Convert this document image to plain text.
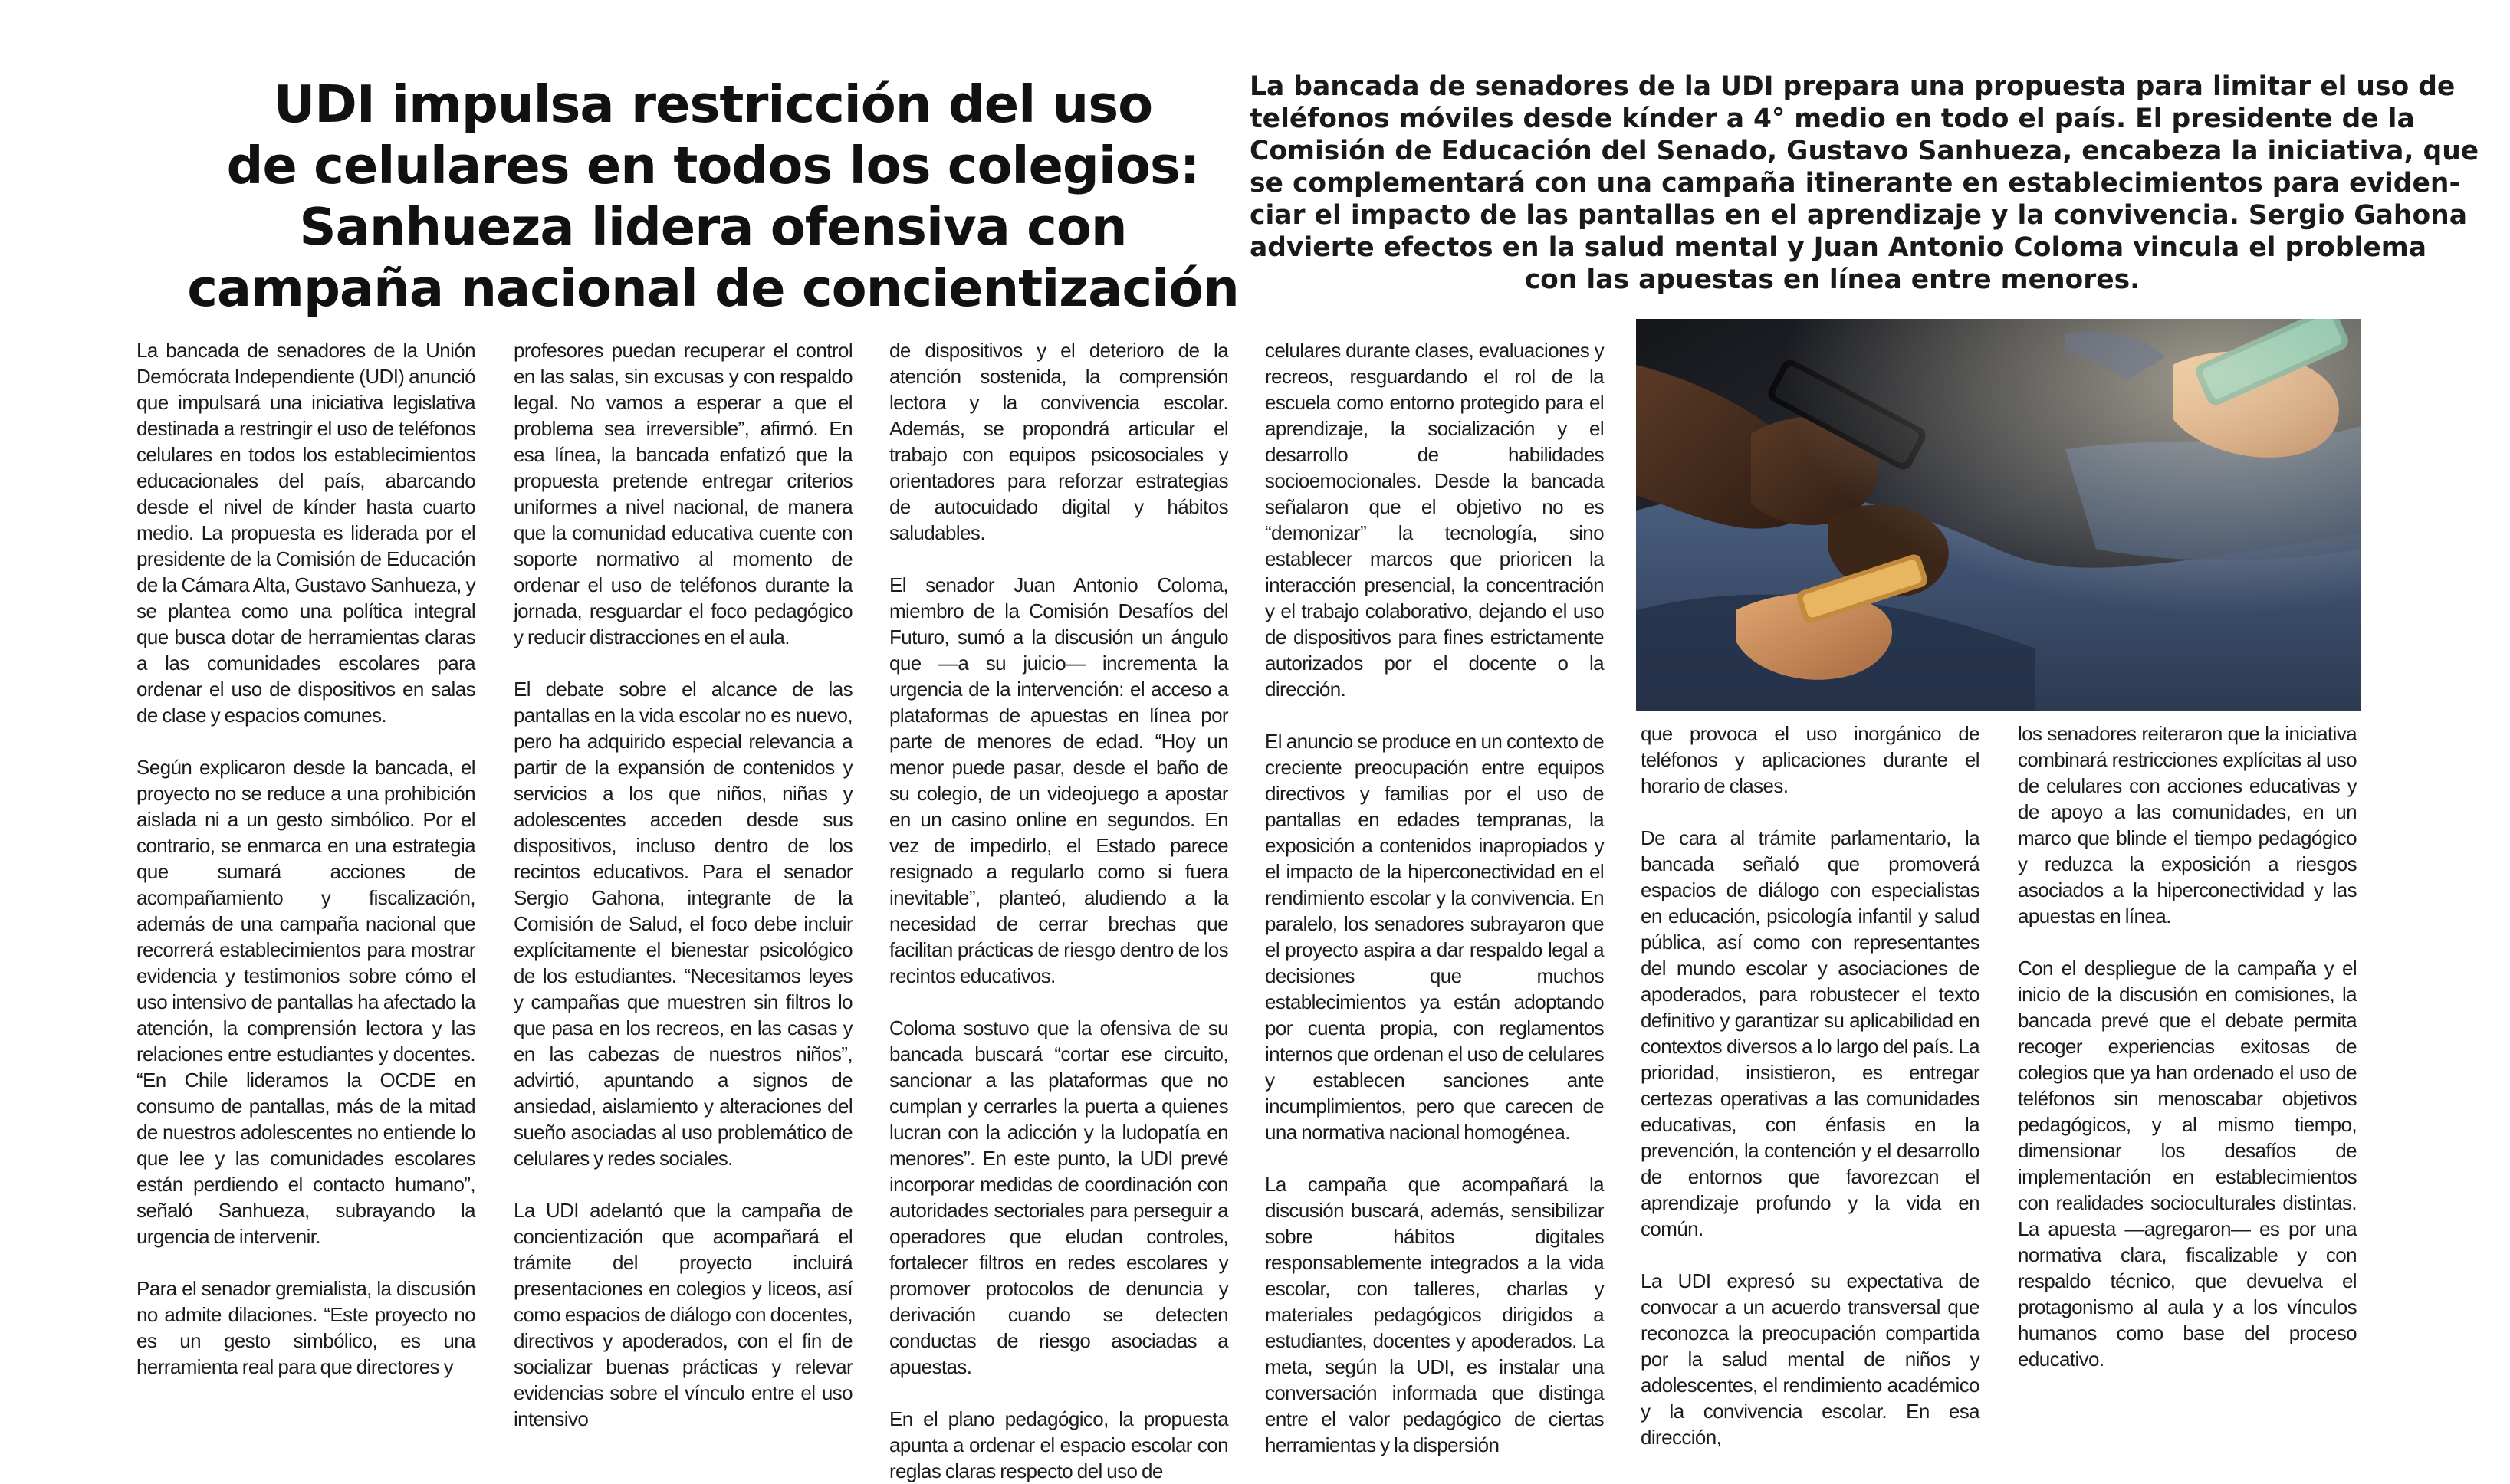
UDI impulsa restricción del uso
de celulares en todos los colegios:
Sanhueza lidera ofensiva con
campaña nacional de concientización
La bancada de senadores de la UDI prepara una propuesta para limitar el uso de
teléfonos móviles desde kínder a 4° medio en todo el país. El presidente de la
Comisión de Educación del Senado, Gustavo Sanhueza, encabeza la iniciativa, que
se complementará con una campaña itinerante en establecimientos para eviden-
ciar el impacto de las pantallas en el aprendizaje y la convivencia. Sergio Gahona
advierte efectos en la salud mental y Juan Antonio Coloma vincula el problema
con las apuestas en línea entre menores.

La bancada de senadores de la Unión Demócrata Independiente (UDI) anunció que impulsará una iniciativa legislativa destinada a restringir el uso de teléfonos celulares en todos los establecimientos educacionales del país, abarcando desde el nivel de kínder hasta cuarto medio. La propuesta es liderada por el presidente de la Comisión de Educación de la Cámara Alta, Gustavo Sanhueza, y se plantea como una política integral que busca dotar de herramientas claras a las comunidades escolares para ordenar el uso de dispositivos en salas de clase y espacios comunes.

Según explicaron desde la bancada, el proyecto no se reduce a una prohibición aislada ni a un gesto simbólico. Por el contrario, se enmarca en una estrategia que sumará acciones de acompañamiento y fiscalización, además de una campaña nacional que recorrerá establecimientos para mostrar evidencia y testimonios sobre cómo el uso intensivo de pantallas ha afectado la atención, la comprensión lectora y las relaciones entre estudiantes y docentes. “En Chile lideramos la OCDE en consumo de pantallas, más de la mitad de nuestros adolescentes no entiende lo que lee y las comunidades escolares están perdiendo el contacto humano”, señaló Sanhueza, subrayando la urgencia de intervenir.

Para el senador gremialista, la discusión no admite dilaciones. “Este proyecto no es un gesto simbólico, es una herramienta real para que directores y

profesores puedan recuperar el control en las salas, sin excusas y con respaldo legal. No vamos a esperar a que el problema sea irreversible”, afirmó. En esa línea, la bancada enfatizó que la propuesta pretende entregar criterios uniformes a nivel nacional, de manera que la comunidad educativa cuente con soporte normativo al momento de ordenar el uso de teléfonos durante la jornada, resguardar el foco pedagógico y reducir distracciones en el aula.

El debate sobre el alcance de las pantallas en la vida escolar no es nuevo, pero ha adquirido especial relevancia a partir de la expansión de contenidos y servicios a los que niños, niñas y adolescentes acceden desde sus dispositivos, incluso dentro de los recintos educativos. Para el senador Sergio Gahona, integrante de la Comisión de Salud, el foco debe incluir explícitamente el bienestar psicológico de los estudiantes. “Necesitamos leyes y campañas que muestren sin filtros lo que pasa en los recreos, en las casas y en las cabezas de nuestros niños”, advirtió, apuntando a signos de ansiedad, aislamiento y alteraciones del sueño asociadas al uso problemático de celulares y redes sociales.

La UDI adelantó que la campaña de concientización que acompañará el trámite del proyecto incluirá presentaciones en colegios y liceos, así como espacios de diálogo con docentes, directivos y apoderados, con el fin de socializar buenas prácticas y relevar evidencias sobre el vínculo entre el uso intensivo

de dispositivos y el deterioro de la atención sostenida, la comprensión lectora y la convivencia escolar. Además, se propondrá articular el trabajo con equipos psicosociales y orientadores para reforzar estrategias de autocuidado digital y hábitos saludables.

El senador Juan Antonio Coloma, miembro de la Comisión Desafíos del Futuro, sumó a la discusión un ángulo que —a su juicio— incrementa la urgencia de la intervención: el acceso a plataformas de apuestas en línea por parte de menores de edad. “Hoy un menor puede pasar, desde el baño de su colegio, de un videojuego a apostar en un casino online en segundos. En vez de impedirlo, el Estado parece resignado a regularlo como si fuera inevitable”, planteó, aludiendo a la necesidad de cerrar brechas que facilitan prácticas de riesgo dentro de los recintos educativos.

Coloma sostuvo que la ofensiva de su bancada buscará “cortar ese circuito, sancionar a las plataformas que no cumplan y cerrarles la puerta a quienes lucran con la adicción y la ludopatía en menores”. En este punto, la UDI prevé incorporar medidas de coordinación con autoridades sectoriales para perseguir a operadores que eludan controles, fortalecer filtros en redes escolares y promover protocolos de denuncia y derivación cuando se detecten conductas de riesgo asociadas a apuestas.

En el plano pedagógico, la propuesta apunta a ordenar el espacio escolar con reglas claras respecto del uso de

celulares durante clases, evaluaciones y recreos, resguardando el rol de la escuela como entorno protegido para el aprendizaje, la socialización y el desarrollo de habilidades socioemocionales. Desde la bancada señalaron que el objetivo no es “demonizar” la tecnología, sino establecer marcos que prioricen la interacción presencial, la concentración y el trabajo colaborativo, dejando el uso de dispositivos para fines estrictamente autorizados por el docente o la dirección.

El anuncio se produce en un contexto de creciente preocupación entre equipos directivos y familias por el uso de pantallas en edades tempranas, la exposición a contenidos inapropiados y el impacto de la hiperconectividad en el rendimiento escolar y la convivencia. En paralelo, los senadores subrayaron que el proyecto aspira a dar respaldo legal a decisiones que muchos establecimientos ya están adoptando por cuenta propia, con reglamentos internos que ordenan el uso de celulares y establecen sanciones ante incumplimientos, pero que carecen de una normativa nacional homogénea.

La campaña que acompañará la discusión buscará, además, sensibilizar sobre hábitos digitales responsablemente integrados a la vida escolar, con talleres, charlas y materiales pedagógicos dirigidos a estudiantes, docentes y apoderados. La meta, según la UDI, es instalar una conversación informada que distinga entre el valor pedagógico de ciertas herramientas y la dispersión

que provoca el uso inorgánico de teléfonos y aplicaciones durante el horario de clases.

De cara al trámite parlamentario, la bancada señaló que promoverá espacios de diálogo con especialistas en educación, psicología infantil y salud pública, así como con representantes del mundo escolar y asociaciones de apoderados, para robustecer el texto definitivo y garantizar su aplicabilidad en contextos diversos a lo largo del país. La prioridad, insistieron, es entregar certezas operativas a las comunidades educativas, con énfasis en la prevención, la contención y el desarrollo de entornos que favorezcan el aprendizaje profundo y la vida en común.

La UDI expresó su expectativa de convocar a un acuerdo transversal que reconozca la preocupación compartida por la salud mental de niños y adolescentes, el rendimiento académico y la convivencia escolar. En esa dirección,

los senadores reiteraron que la iniciativa combinará restricciones explícitas al uso de celulares con acciones educativas y de apoyo a las comunidades, en un marco que blinde el tiempo pedagógico y reduzca la exposición a riesgos asociados a la hiperconectividad y las apuestas en línea.

Con el despliegue de la campaña y el inicio de la discusión en comisiones, la bancada prevé que el debate permita recoger experiencias exitosas de colegios que ya han ordenado el uso de teléfonos sin menoscabar objetivos pedagógicos, y al mismo tiempo, dimensionar los desafíos de implementación en establecimientos con realidades socioculturales distintas. La apuesta —agregaron— es por una normativa clara, fiscalizable y con respaldo técnico, que devuelva el protagonismo al aula y a los vínculos humanos como base del proceso educativo.
